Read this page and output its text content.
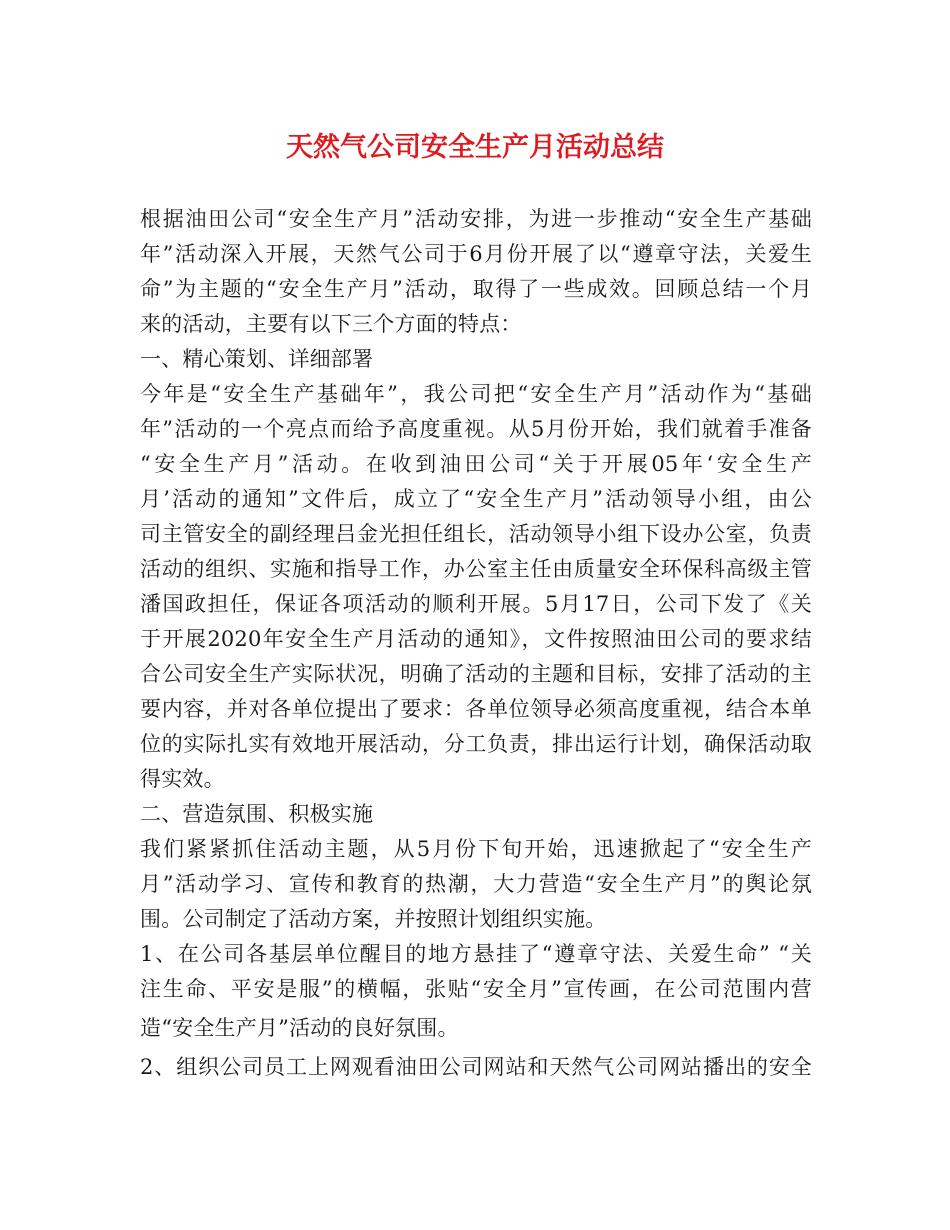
天然气公司安全生产月活动总结

根据油田公司“安全生产月”活动安排，为进一步推动“安全生产基础

年”活动深入开展，天然气公司于6月份开展了以“遵章守法，关爱生

命”为主题的“安全生产月”活动，取得了一些成效。回顾总结一个月

来的活动，主要有以下三个方面的特点：

一、精心策划、详细部署

今年是“安全生产基础年”，我公司把“安全生产月”活动作为“基础

年”活动的一个亮点而给予高度重视。从5月份开始，我们就着手准备

“安全生产月”活动。在收到油田公司“关于开展05年‘安全生产

月’活动的通知”文件后，成立了“安全生产月”活动领导小组，由公

司主管安全的副经理吕金光担任组长，活动领导小组下设办公室，负责

活动的组织、实施和指导工作，办公室主任由质量安全环保科高级主管

潘国政担任，保证各项活动的顺利开展。5月17日，公司下发了《关

于开展2020年安全生产月活动的通知》，文件按照油田公司的要求结

合公司安全生产实际状况，明确了活动的主题和目标，安排了活动的主

要内容，并对各单位提出了要求：各单位领导必须高度重视，结合本单

位的实际扎实有效地开展活动，分工负责，排出运行计划，确保活动取

得实效。

二、营造氛围、积极实施

我们紧紧抓住活动主题，从5月份下旬开始，迅速掀起了“安全生产

月”活动学习、宣传和教育的热潮，大力营造“安全生产月”的舆论氛

围。公司制定了活动方案，并按照计划组织实施。

1、在公司各基层单位醒目的地方悬挂了“遵章守法、关爱生命” “关

注生命、平安是服”的横幅，张贴“安全月”宣传画，在公司范围内营

造“安全生产月”活动的良好氛围。

2、组织公司员工上网观看油田公司网站和天然气公司网站播出的安全
